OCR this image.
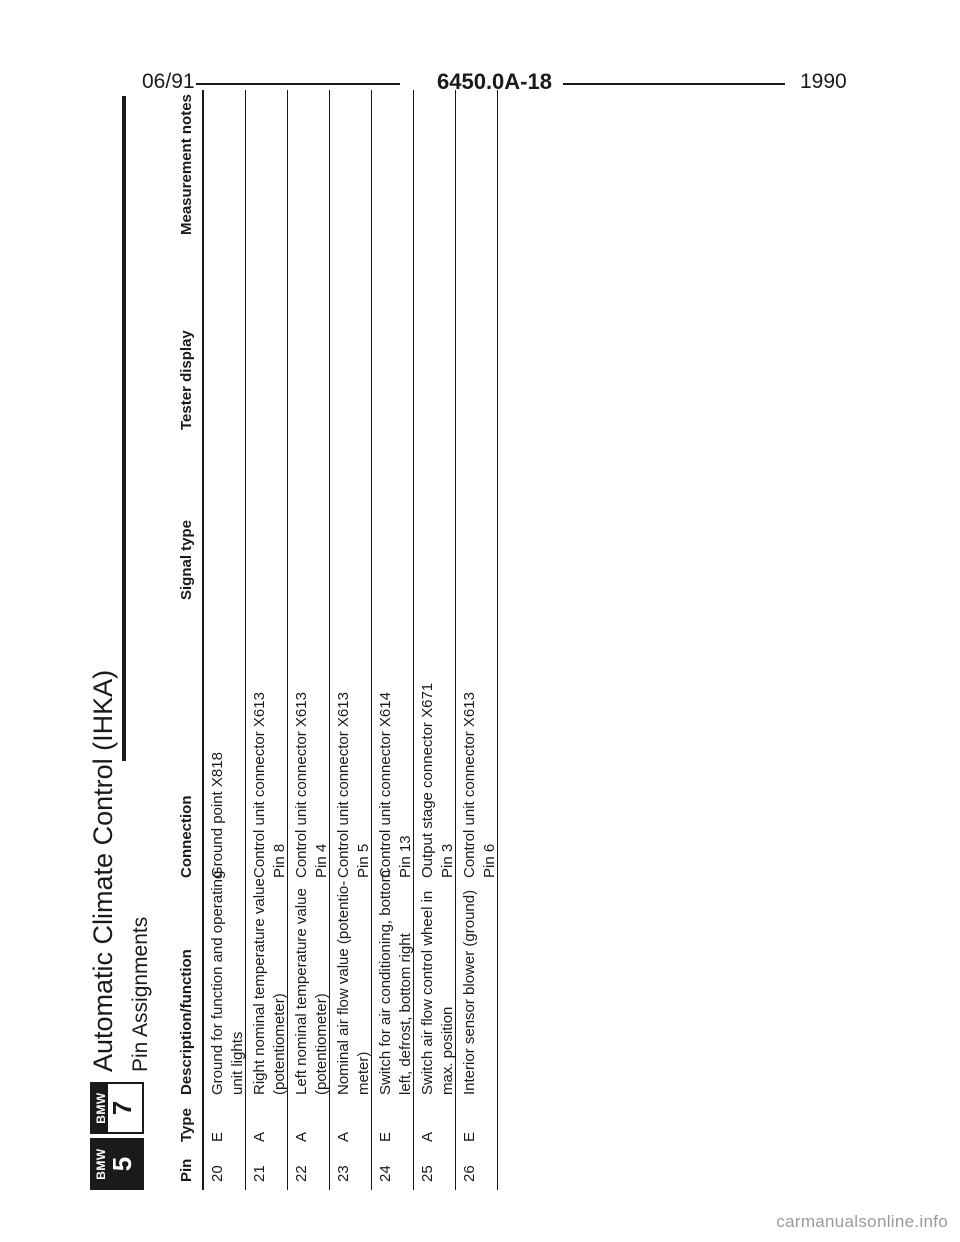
06/91	6450.0A-18	1990
BMW 5
BMW 7
Automatic Climate Control (IHKA) Pin Assignments
Pin
Type
Description/function
Connection
Signal type
Tester display
Measurement notes
20
E
Ground for function and operating unit lights
Ground point X818

21
A
Right nominal temperature value (potentiometer)
Control unit connector X613 Pin 8
22
A
Left nominal temperature value (potentiometer)
Control unit connector X613 Pin 4
23
A
Nominal air flow value (potentio- meter)
Control unit connector X613 Pin 5
24
E
Switch for air conditioning, bottom left, defrost, bottom right
Control unit connector X614 Pin 13
25
A
Switch air flow control wheel in max. position
Output stage connector X671 Pin 3
26
E
Interior sensor blower (ground)

Control unit connector X613 Pin 6
carmanualsonline.info
